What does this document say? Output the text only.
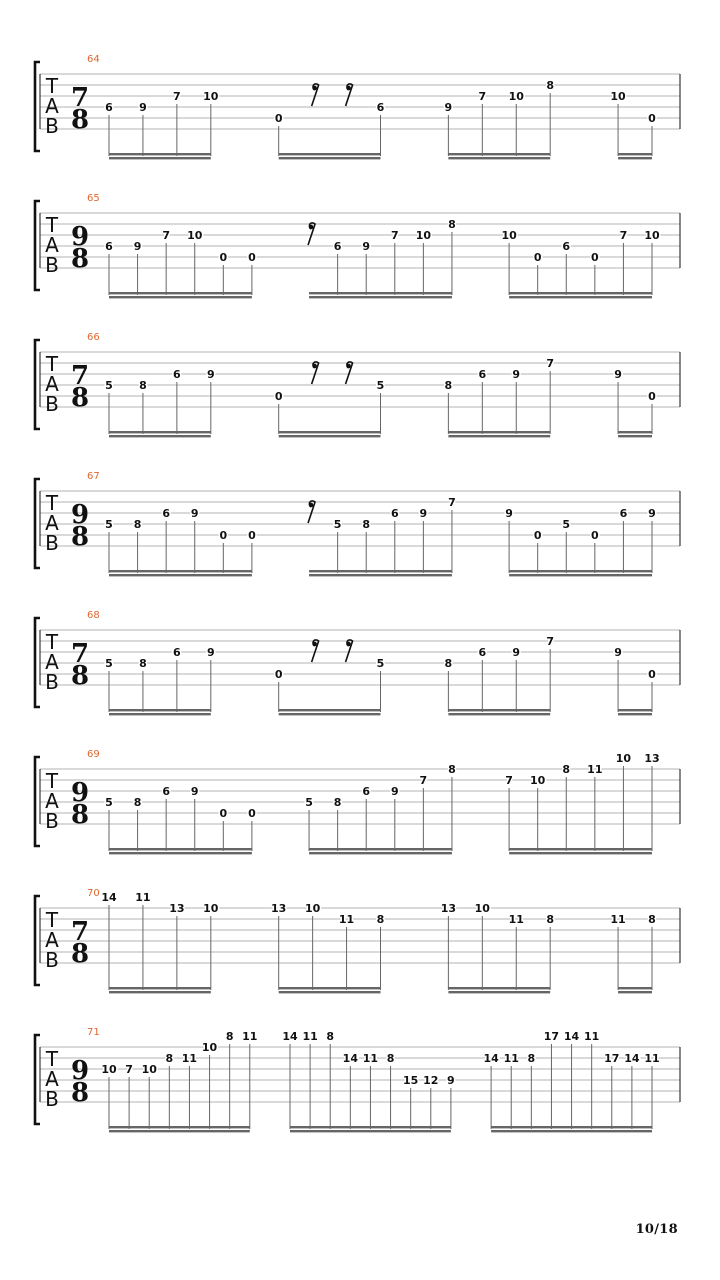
64
T
A
B
7
8 6 9
7 10
0
6	9
7 10
8
10
0
65
T
A
B
9
8 6 9
7 10
0 0
6 9
7 10
8
10
0
6
0
7 10
66
T
A
B
7
8 5 8
6 9
0
5	8
6 9
7
9
0
67
T
A
B
9
8 5 8
6 9
0 0
5 8
6 9
7
9
0
5
0
6 9
68
T
A
B
7
8 5 8
6 9
0
5	8
6 9
7
9
0
69
T
A
B
9
8 5 8
6 9
0 0
5 8
6 9
7
8
7 10
8 11
10 13
70
T
A
B
7
8
14 11
13 10	13 10
11 8
13 10
11 8	11 8
71
T
A
B
9
8
10 7 10
8 11
10
8 11 14 11 8
14 11 8
15 12 9
14 11 8
17 14 11
17 14 11
10/18
